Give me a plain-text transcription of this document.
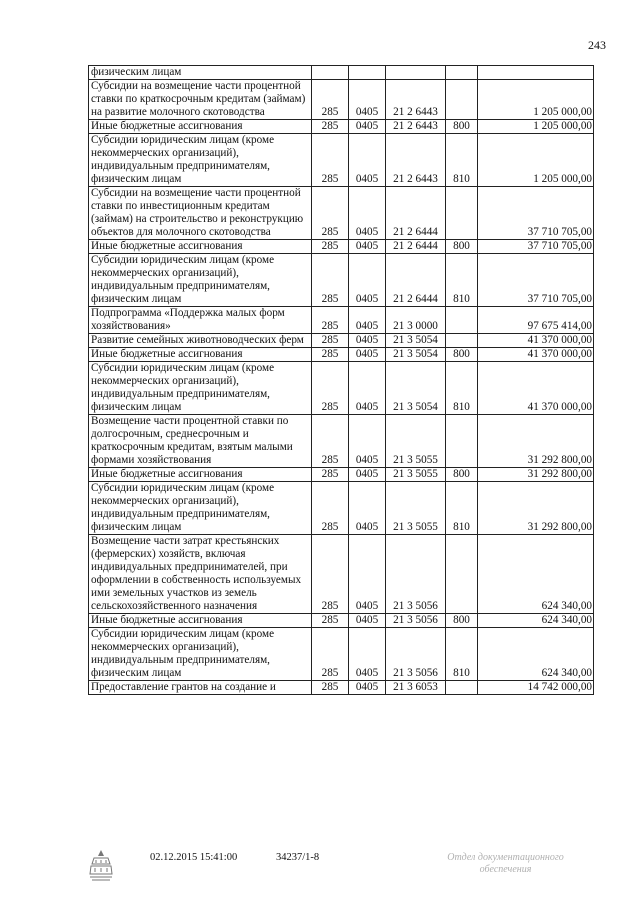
243
физическим лицам					
Субсидии на возмещение части процентной ставки по краткосрочным кредитам (займам) на развитие молочного скотоводства	285	0405	21 2 6443		1 205 000,00
Иные бюджетные ассигнования	285	0405	21 2 6443	800	1 205 000,00
Субсидии юридическим лицам (кроме некоммерческих организаций), индивидуальным предпринимателям, физическим лицам	285	0405	21 2 6443	810	1 205 000,00
Субсидии на возмещение части процентной ставки по инвестиционным кредитам (займам) на строительство и реконструкцию объектов для молочного скотоводства	285	0405	21 2 6444		37 710 705,00
Иные бюджетные ассигнования	285	0405	21 2 6444	800	37 710 705,00
Субсидии юридическим лицам (кроме некоммерческих организаций), индивидуальным предпринимателям, физическим лицам	285	0405	21 2 6444	810	37 710 705,00
Подпрограмма «Поддержка малых форм хозяйствования»	285	0405	21 3 0000		97 675 414,00
Развитие семейных животноводческих ферм	285	0405	21 3 5054		41 370 000,00
Иные бюджетные ассигнования	285	0405	21 3 5054	800	41 370 000,00
Субсидии юридическим лицам (кроме некоммерческих организаций), индивидуальным предпринимателям, физическим лицам	285	0405	21 3 5054	810	41 370 000,00
Возмещение части процентной ставки по долгосрочным, среднесрочным и краткосрочным кредитам, взятым малыми формами хозяйствования	285	0405	21 3 5055		31 292 800,00
Иные бюджетные ассигнования	285	0405	21 3 5055	800	31 292 800,00
Субсидии юридическим лицам (кроме некоммерческих организаций), индивидуальным предпринимателям, физическим лицам	285	0405	21 3 5055	810	31 292 800,00
Возмещение части затрат крестьянских (фермерских) хозяйств, включая индивидуальных предпринимателей, при оформлении в собственность используемых ими земельных участков из земель сельскохозяйственного назначения	285	0405	21 3 5056		624 340,00
Иные бюджетные ассигнования	285	0405	21 3 5056	800	624 340,00
Субсидии юридическим лицам (кроме некоммерческих организаций), индивидуальным предпринимателям, физическим лицам	285	0405	21 3 5056	810	624 340,00
Предоставление грантов на создание и	285	0405	21 3 6053		14 742 000,00
02.12.2015 15:41:00	34237/1-8	Отдел документационного
обеспечения
